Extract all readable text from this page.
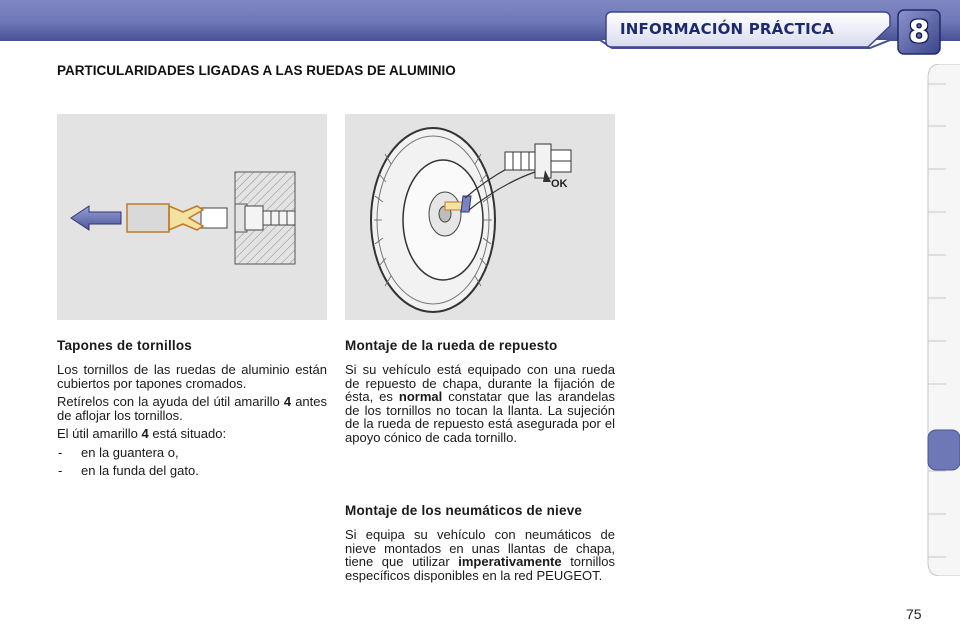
INFORMACIÓN PRÁCTICA 8
PARTICULARIDADES LIGADAS A LAS RUEDAS DE ALUMINIO
OK
Tapones de tornillos
Los tornillos de las ruedas de aluminio están cubiertos por tapones cromados.
Retírelos con la ayuda del útil amarillo 4 antes de aflojar los tornillos.
El útil amarillo 4 está situado:
- en la guantera o,
- en la funda del gato.
Montaje de la rueda de repuesto
Si su vehículo está equipado con una rueda de repuesto de chapa, durante la fijación de ésta, es normal constatar que las arandelas de los tornillos no tocan la llanta. La sujeción de la rueda de repuesto está asegurada por el apoyo cónico de cada tornillo.
Montaje de los neumáticos de nieve
Si equipa su vehículo con neumáticos de nieve montados en unas llantas de chapa, tiene que utilizar imperativamente tornillos específicos disponibles en la red PEUGEOT.
75
